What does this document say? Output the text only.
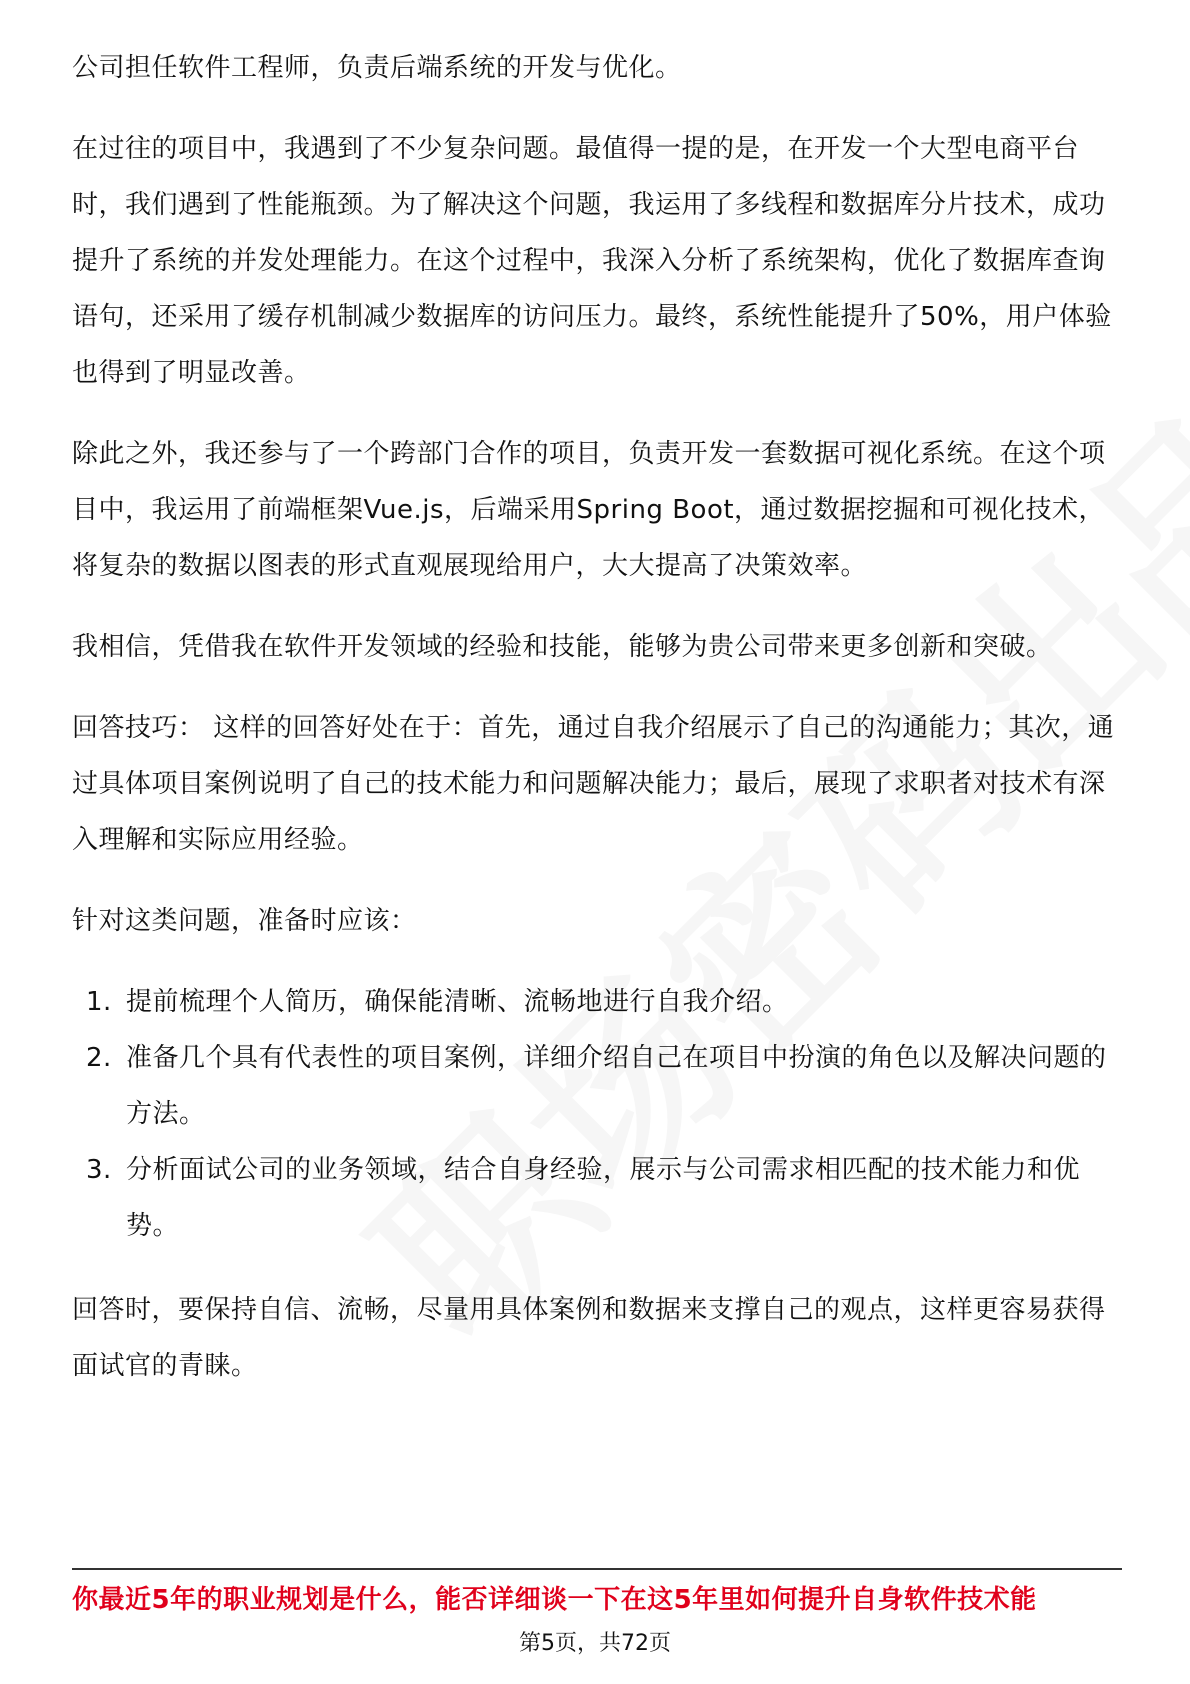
公司担任软件工程师，负责后端系统的开发与优化。

在过往的项目中，我遇到了不少复杂问题。最值得一提的是，在开发一个大型电商平台时，我们遇到了性能瓶颈。为了解决这个问题，我运用了多线程和数据库分片技术，成功提升了系统的并发处理能力。在这个过程中，我深入分析了系统架构，优化了数据库查询语句，还采用了缓存机制减少数据库的访问压力。最终，系统性能提升了50%，用户体验也得到了明显改善。

除此之外，我还参与了一个跨部门合作的项目，负责开发一套数据可视化系统。在这个项目中，我运用了前端框架Vue.js，后端采用Spring Boot，通过数据挖掘和可视化技术，将复杂的数据以图表的形式直观展现给用户，大大提高了决策效率。

我相信，凭借我在软件开发领域的经验和技能，能够为贵公司带来更多创新和突破。

回答技巧： 这样的回答好处在于：首先，通过自我介绍展示了自己的沟通能力；其次，通过具体项目案例说明了自己的技术能力和问题解决能力；最后，展现了求职者对技术有深入理解和实际应用经验。

针对这类问题，准备时应该：

1. 提前梳理个人简历，确保能清晰、流畅地进行自我介绍。
2. 准备几个具有代表性的项目案例，详细介绍自己在项目中扮演的角色以及解决问题的方法。
3. 分析面试公司的业务领域，结合自身经验，展示与公司需求相匹配的技术能力和优势。

回答时，要保持自信、流畅，尽量用具体案例和数据来支撑自己的观点，这样更容易获得面试官的青睐。

你最近5年的职业规划是什么，能否详细谈一下在这5年里如何提升自身软件技术能
第5页，共72页
